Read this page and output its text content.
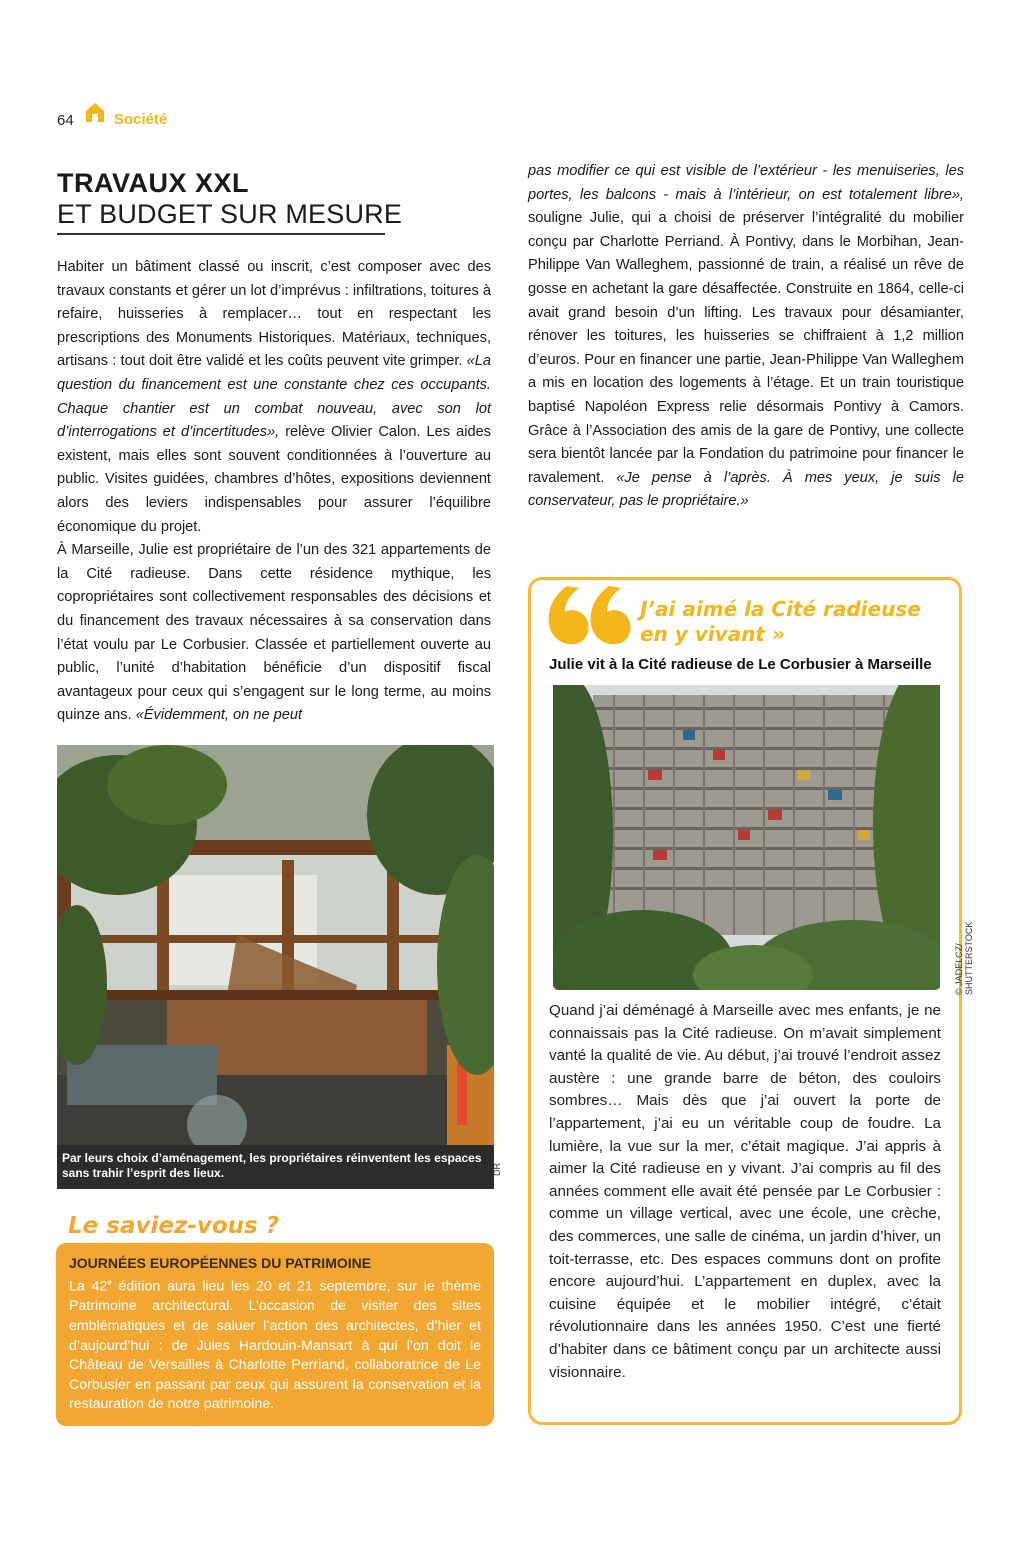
64	Société
TRAVAUX XXL
ET BUDGET SUR MESURE

Habiter un bâtiment classé ou inscrit, c’est composer avec des travaux constants et gérer un lot d’imprévus : infiltrations, toitures à refaire, huisseries à remplacer… tout en respectant les prescriptions des Monuments Historiques. Matériaux, techniques, artisans : tout doit être validé et les coûts peuvent vite grimper. «La question du financement est une constante chez ces occupants. Chaque chantier est un combat nouveau, avec son lot d’interrogations et d’incertitudes», relève Olivier Calon. Les aides existent, mais elles sont souvent conditionnées à l’ouverture au public. Visites guidées, chambres d’hôtes, expositions deviennent alors des leviers indispensables pour assurer l’équilibre économique du projet.

À Marseille, Julie est propriétaire de l’un des 321 appartements de la Cité radieuse. Dans cette résidence mythique, les copropriétaires sont collectivement responsables des décisions et du financement des travaux nécessaires à sa conservation dans l’état voulu par Le Corbusier. Classée et partiellement ouverte au public, l’unité d’habitation bénéficie d’un dispositif fiscal avantageux pour ceux qui s’engagent sur le long terme, au moins quinze ans. «Évidemment, on ne peut

pas modifier ce qui est visible de l’extérieur - les menuiseries, les portes, les balcons - mais à l’intérieur, on est totalement libre», souligne Julie, qui a choisi de préserver l’intégralité du mobilier conçu par Charlotte Perriand. À Pontivy, dans le Morbihan, Jean-Philippe Van Walleghem, passionné de train, a réalisé un rêve de gosse en achetant la gare désaffectée. Construite en 1864, celle-ci avait grand besoin d’un lifting. Les travaux pour désamianter, rénover les toitures, les huisseries se chiffraient à 1,2 million d’euros. Pour en financer une partie, Jean-Philippe Van Walleghem a mis en location des logements à l’étage. Et un train touristique baptisé Napoléon Express relie désormais Pontivy à Camors. Grâce à l’Association des amis de la gare de Pontivy, une collecte sera bientôt lancée par la Fondation du patrimoine pour financer le ravalement. «Je pense à l’après. À mes yeux, je suis le conservateur, pas le propriétaire.»

Par leurs choix d’aménagement, les propriétaires réinventent les espaces sans trahir l’esprit des lieux.	DR
Le saviez-vous ?
JOURNÉES EUROPÉENNES DU PATRIMOINE
La 42e édition aura lieu les 20 et 21 septembre, sur le thème Patrimoine architectural. L’occasion de visiter des sites emblématiques et de saluer l’action des architectes, d’hier et d’aujourd’hui : de Jules Hardouin-Mansart à qui l’on doit le Château de Versailles à Charlotte Perriand, collaboratrice de Le Corbusier en passant par ceux qui assurent la conservation et la restauration de notre patrimoine.
J’ai aimé la Cité radieuse en y vivant »
Julie vit à la Cité radieuse de Le Corbusier à Marseille
© JADELCZ/ SHUTTERSTOCK
Quand j’ai déménagé à Marseille avec mes enfants, je ne connaissais pas la Cité radieuse. On m’avait simplement vanté la qualité de vie. Au début, j’ai trouvé l’endroit assez austère : une grande barre de béton, des couloirs sombres… Mais dès que j’ai ouvert la porte de l’appartement, j’ai eu un véritable coup de foudre. La lumière, la vue sur la mer, c’était magique. J’ai appris à aimer la Cité radieuse en y vivant. J’ai compris au fil des années comment elle avait été pensée par Le Corbusier : comme un village vertical, avec une école, une crèche, des commerces, une salle de cinéma, un jardin d’hiver, un toit-terrasse, etc. Des espaces communs dont on profite encore aujourd’hui. L’appartement en duplex, avec la cuisine équipée et le mobilier intégré, c’était révolutionnaire dans les années 1950. C’est une fierté d’habiter dans ce bâtiment conçu par un architecte aussi visionnaire.
